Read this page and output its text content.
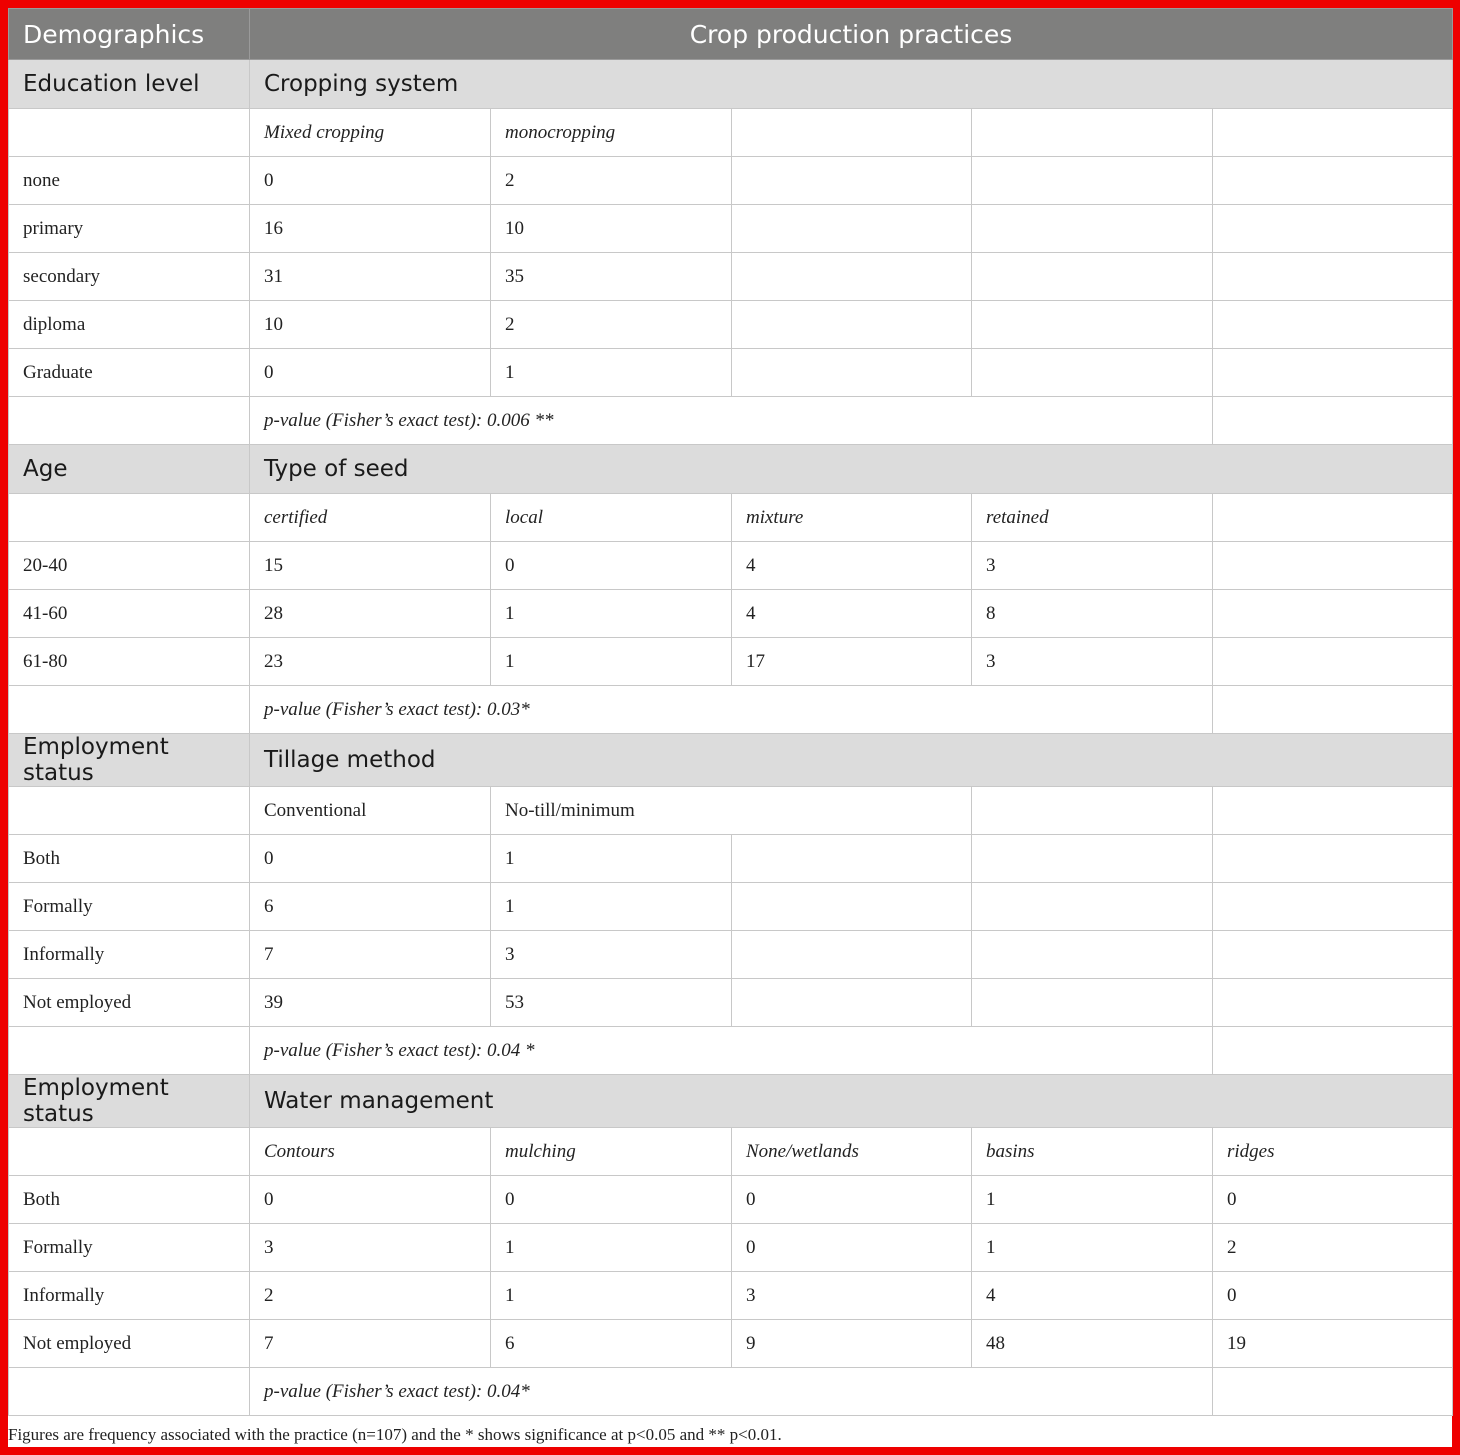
Demographics	Crop production practices				
Education level	Cropping system				
	Mixed cropping	monocropping			
none	0	2			
primary	16	10			
secondary	31	35			
diploma	10	2			
Graduate	0	1			
	p-value (Fisher’s exact test): 0.006 **				
Age	Type of seed				
	certified	local	mixture	retained	
20-40	15	0	4	3	
41-60	28	1	4	8	
61-80	23	1	17	3	
	p-value (Fisher’s exact test): 0.03*				
Employment status	Tillage method				
	Conventional	No-till/minimum			
Both	0	1			
Formally	6	1			
Informally	7	3			
Not employed	39	53			
	p-value (Fisher’s exact test): 0.04 *				
Employment status	Water management				
	Contours	mulching	None/wetlands	basins	ridges
Both	0	0	0	1	0
Formally	3	1	0	1	2
Informally	2	1	3	4	0
Not employed	7	6	9	48	19
	p-value (Fisher’s exact test): 0.04*				
Figures are frequency associated with the practice (n=107) and the * shows significance at p<0.05 and ** p<0.01.
